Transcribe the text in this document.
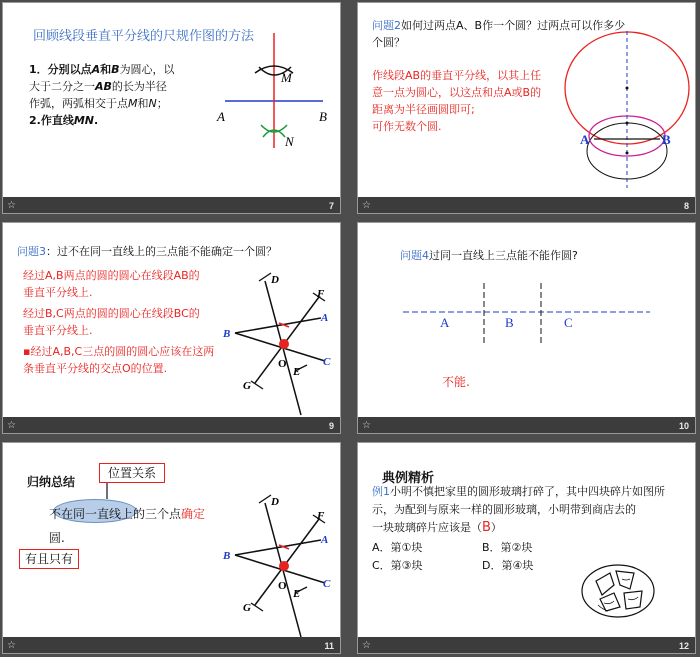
回顾线段垂直平分线的尺规作图的方法
1．分别以点A和B为圆心，以
大于二分之一AB的长为半径
作弧，两弧相交于点M和N；
2.作直线MN.	A	B
M
N
☆	7
问题2如何过两点A、B作一个圆？过两点可以作多少
个圆？
作线段AB的垂直平分线，以其上任
意一点为圆心，以这点和点A或B的
距离为半径画圆即可;
可作无数个圆.
A	B
☆	8
问题3：过不在同一直线上的三点能不能确定一个圆？
经过A,B两点的圆的圆心在线段AB的
垂直平分线上.
经过B,C两点的圆的圆心在线段BC的
垂直平分线上.
▪经过A,B,C三点的圆的圆心应该在这两
条垂直平分线的交点O的位置.
D
F
A
B
C
O
E
G
☆	9
问题4过同一直线上三点能不能作圆?
A	B	C
不能.
☆	10
归纳总结
位置关系
不在同一直线上的三个点确定
圆.
有且只有
D
F
A
B
C
O
E
G
☆	11
典例精析
例1小明不慎把家里的圆形玻璃打碎了，其中四块碎片如图所
示，为配到与原来一样的圆形玻璃，小明带到商店去的
一块玻璃碎片应该是（B）
A．第①块	B．第②块
C．第③块	D．第④块
☆	12
